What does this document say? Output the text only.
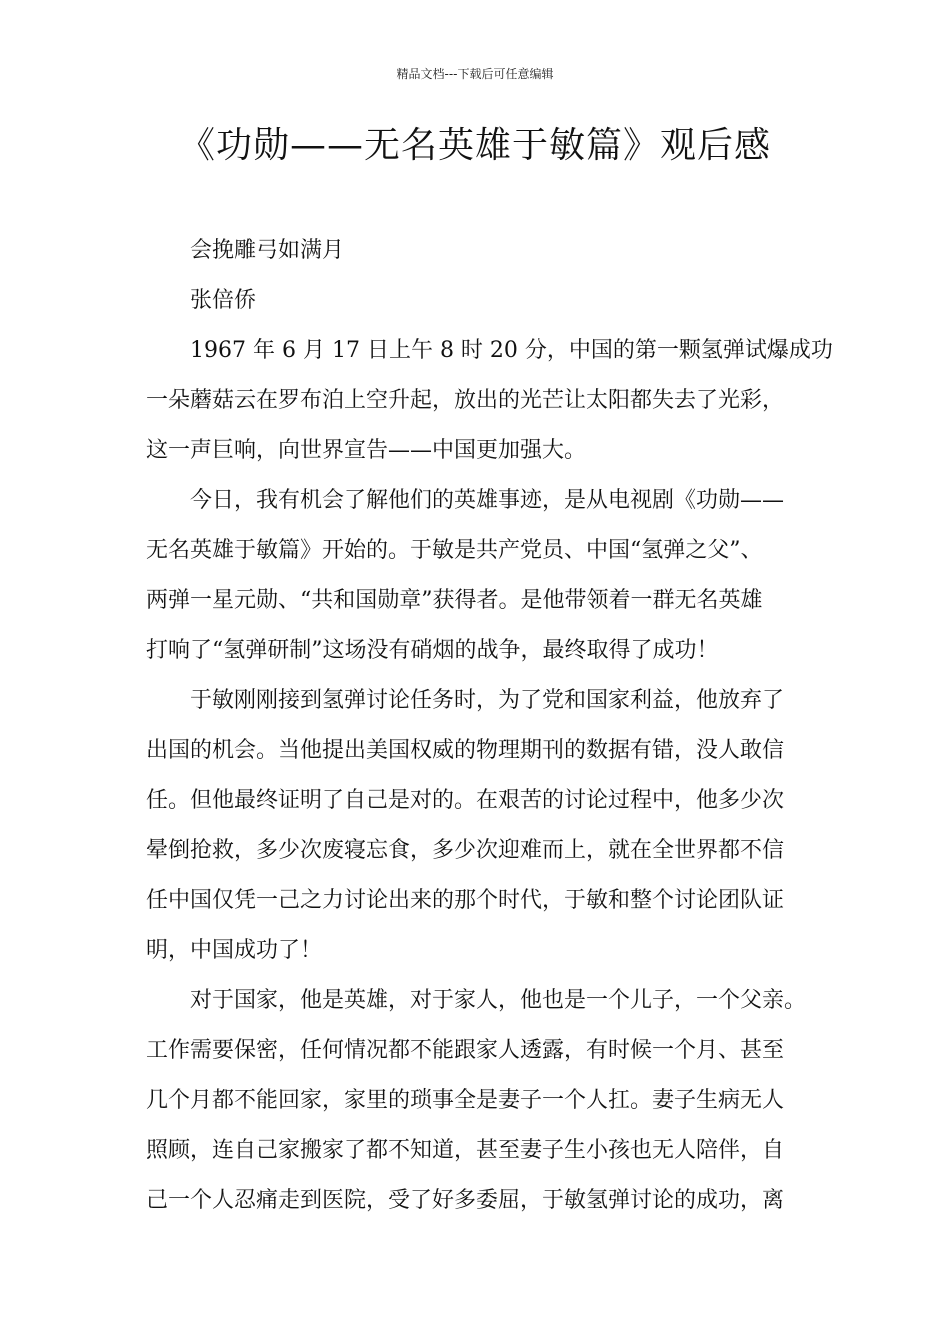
精品文档---下载后可任意编辑
《功勋——无名英雄于敏篇》观后感
会挽雕弓如满月
张倍侨
1967 年 6 月 17 日上午 8 时 20 分，中国的第一颗氢弹试爆成功
一朵蘑菇云在罗布泊上空升起，放出的光芒让太阳都失去了光彩，
这一声巨响，向世界宣告——中国更加强大。
今日，我有机会了解他们的英雄事迹，是从电视剧《功勋——
无名英雄于敏篇》开始的。于敏是共产党员、中国“氢弹之父”、
两弹一星元勋、“共和国勋章”获得者。是他带领着一群无名英雄
打响了“氢弹研制”这场没有硝烟的战争，最终取得了成功！
于敏刚刚接到氢弹讨论任务时，为了党和国家利益，他放弃了
出国的机会。当他提出美国权威的物理期刊的数据有错，没人敢信
任。但他最终证明了自己是对的。在艰苦的讨论过程中，他多少次
晕倒抢救，多少次废寝忘食，多少次迎难而上，就在全世界都不信
任中国仅凭一己之力讨论出来的那个时代，于敏和整个讨论团队证
明，中国成功了！
对于国家，他是英雄，对于家人，他也是一个儿子，一个父亲。
工作需要保密，任何情况都不能跟家人透露，有时候一个月、甚至
几个月都不能回家，家里的琐事全是妻子一个人扛。妻子生病无人
照顾，连自己家搬家了都不知道，甚至妻子生小孩也无人陪伴，自
己一个人忍痛走到医院，受了好多委屈，于敏氢弹讨论的成功，离
